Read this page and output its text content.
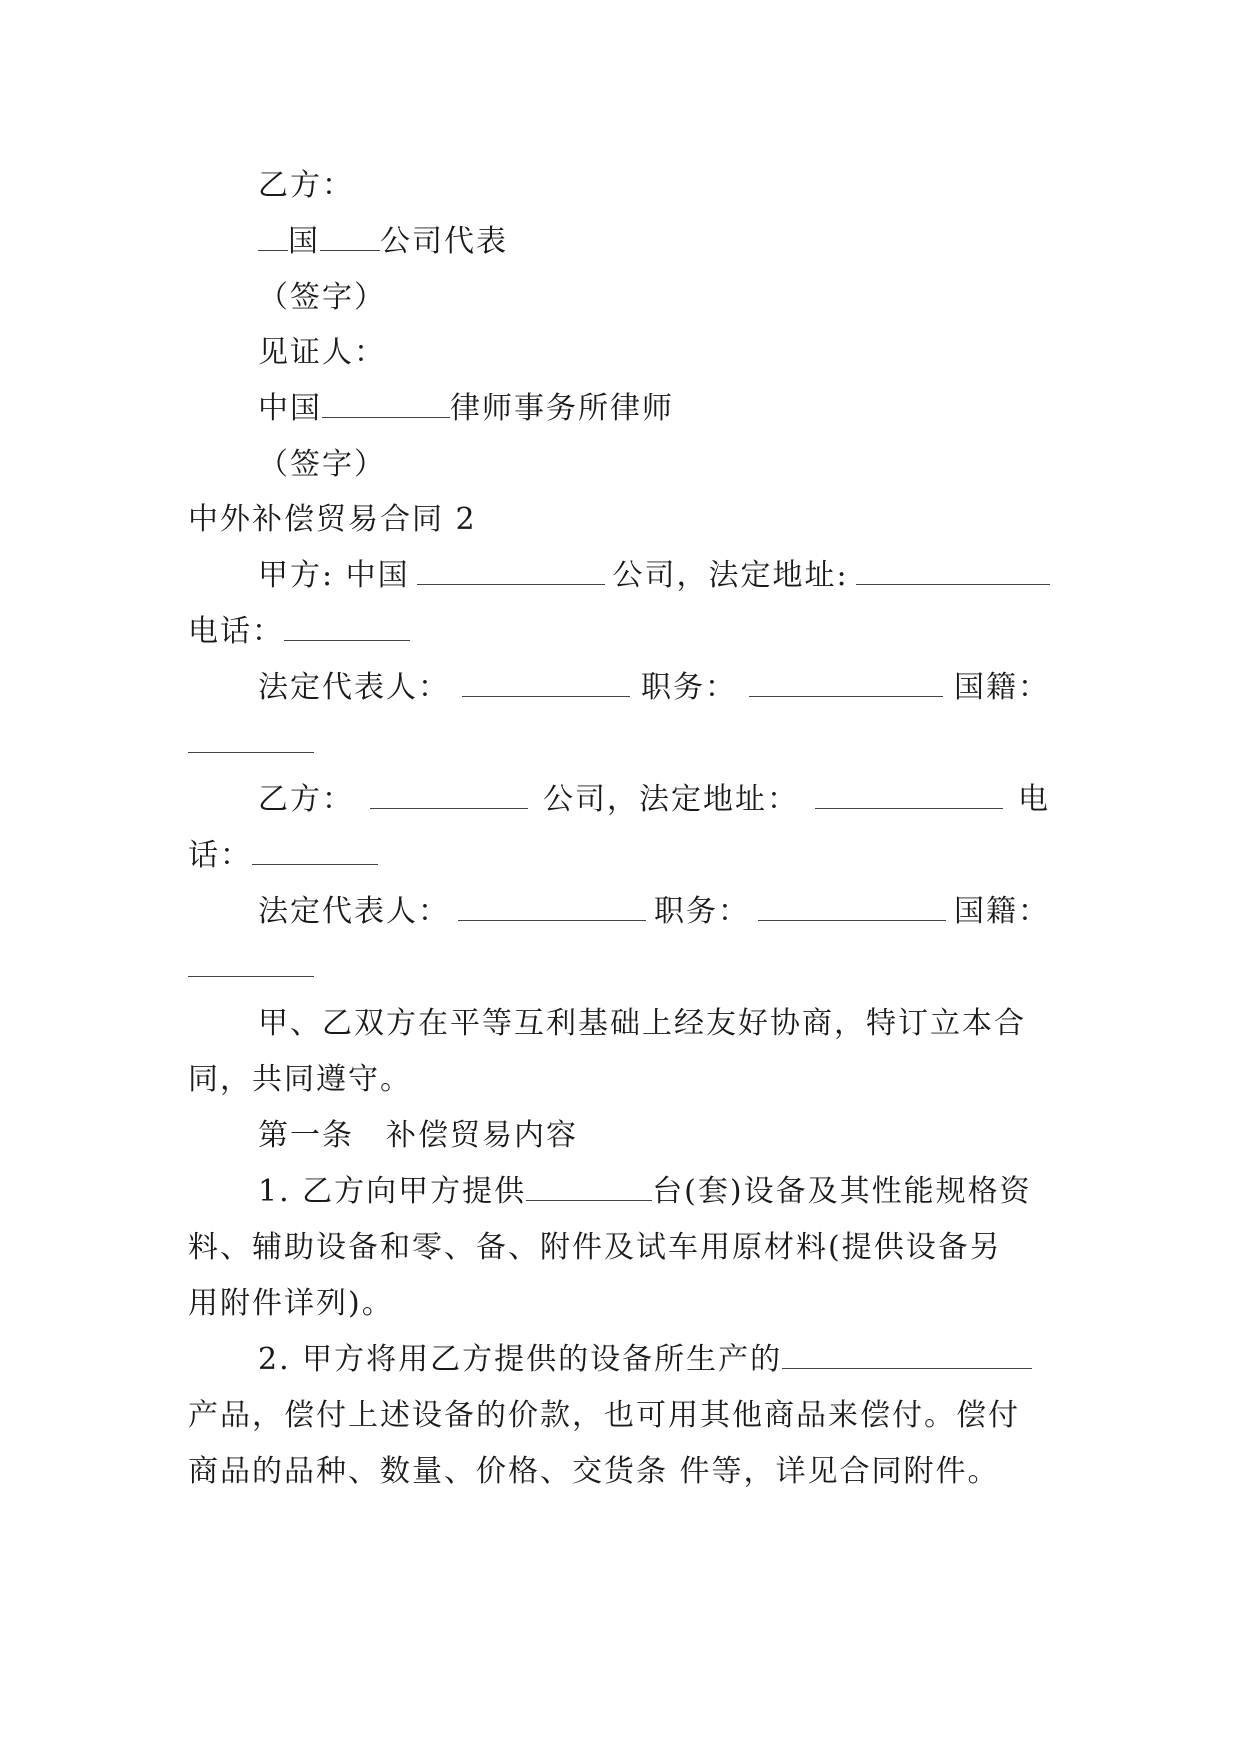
乙方：
国 公司代表
（签字）
见证人：
中国	律师事务所律师
（签字）
中外补偿贸易合同 2
甲方: 中国	公司，法定地址:
电话：
法定代表人：	职务：	国籍：
乙方：	公司，法定地址：	电
话：
法定代表人：	职务：	国籍：
甲、乙双方在平等互利基础上经友好协商，特订立本合
同，共同遵守。
第一条　补偿贸易内容
1. 乙方向甲方提供	台(套)设备及其性能规格资
料、辅助设备和零、备、附件及试车用原材料(提供设备另
用附件详列)。
2. 甲方将用乙方提供的设备所生产的
产品，偿付上述设备的价款，也可用其他商品来偿付。偿付
商品的品种、数量、价格、交货条 件等，详见合同附件。
